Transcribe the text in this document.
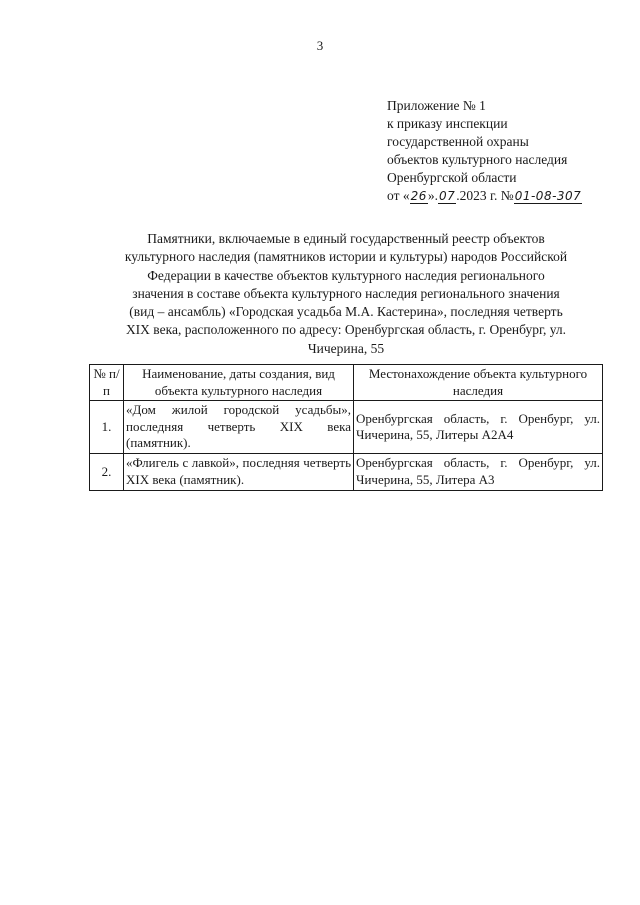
3
Приложение № 1
к приказу инспекции
государственной охраны
объектов культурного наследия
Оренбургской области
от «26».07.2023 г. №01-08-307
Памятники, включаемые в единый государственный реестр объектов
культурного наследия (памятников истории и культуры) народов Российской
Федерации в качестве объектов культурного наследия регионального
значения в составе объекта культурного наследия регионального значения
(вид – ансамбль) «Городская усадьба М.А. Кастерина», последняя четверть
XIX века, расположенного по адресу: Оренбургская область, г. Оренбург, ул.
Чичерина, 55
№ п/п	Наименование, даты создания, вид объекта культурного наследия	Местонахождение объекта культурного наследия
1.	«Дом жилой городской усадьбы», последняя четверть XIX века (памятник).	Оренбургская область, г. Оренбург, ул. Чичерина, 55, Литеры А2А4
2.	«Флигель с лавкой», последняя четверть XIX века (памятник).	Оренбургская область, г. Оренбург, ул. Чичерина, 55, Литера А3
